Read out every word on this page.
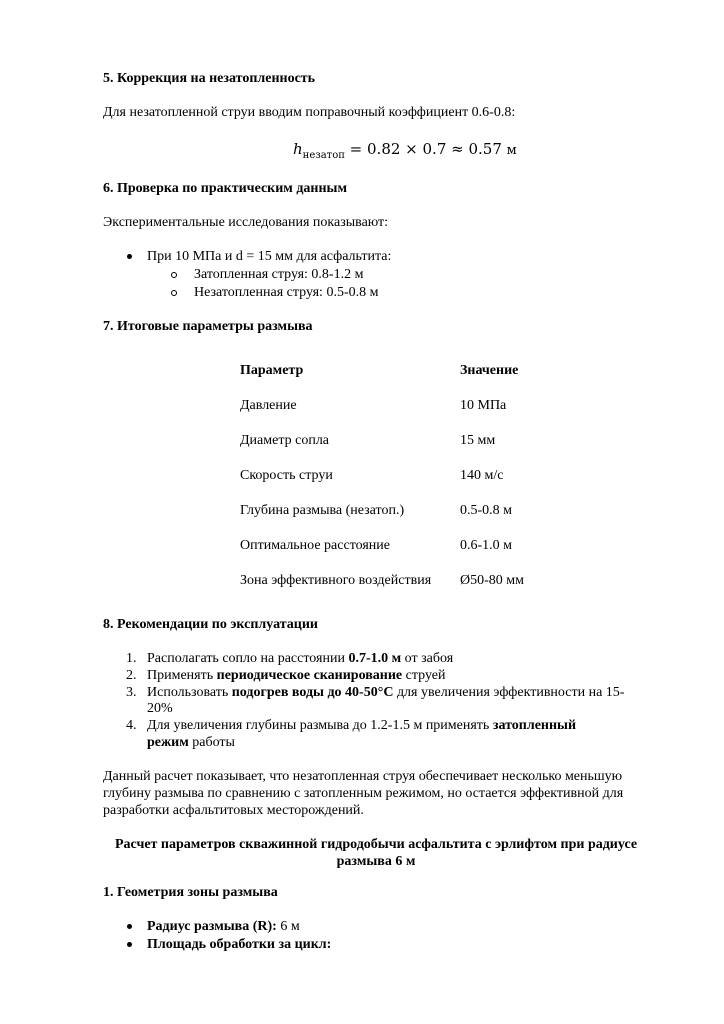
5. Коррекция на незатопленность
Для незатопленной струи вводим поправочный коэффициент 0.6-0.8:
$h_{незатоп} = 0.82 \times 0.7 \approx 0.57$ м
6. Проверка по практическим данным
Экспериментальные исследования показывают:
При 10 МПа и d = 15 мм для асфальтита:
Затопленная струя: 0.8-1.2 м
Незатопленная струя: 0.5-0.8 м
7. Итоговые параметры размыва
Параметр	Значение
Давление	10 МПа
Диаметр сопла	15 мм
Скорость струи	140 м/с
Глубина размыва (незатоп.)	0.5-0.8 м
Оптимальное расстояние	0.6-1.0 м
Зона эффективного воздействия Ø50-80 мм
8. Рекомендации по эксплуатации
1. Располагать сопло на расстоянии 0.7-1.0 м от забоя
2. Применять периодическое сканирование струей
3. Использовать подогрев воды до 40-50°C для увеличения эффективности на 15-
20%
4. Для увеличения глубины размыва до 1.2-1.5 м применять затопленный
режим работы
Данный расчет показывает, что незатопленная струя обеспечивает несколько меньшую
глубину размыва по сравнению с затопленным режимом, но остается эффективной для
разработки асфальтитовых месторождений.
Расчет параметров скважинной гидродобычи асфальтита с эрлифтом при радиусе
размыва 6 м
1. Геометрия зоны размыва
Радиус размыва (R): 6 м
Площадь обработки за цикл:
